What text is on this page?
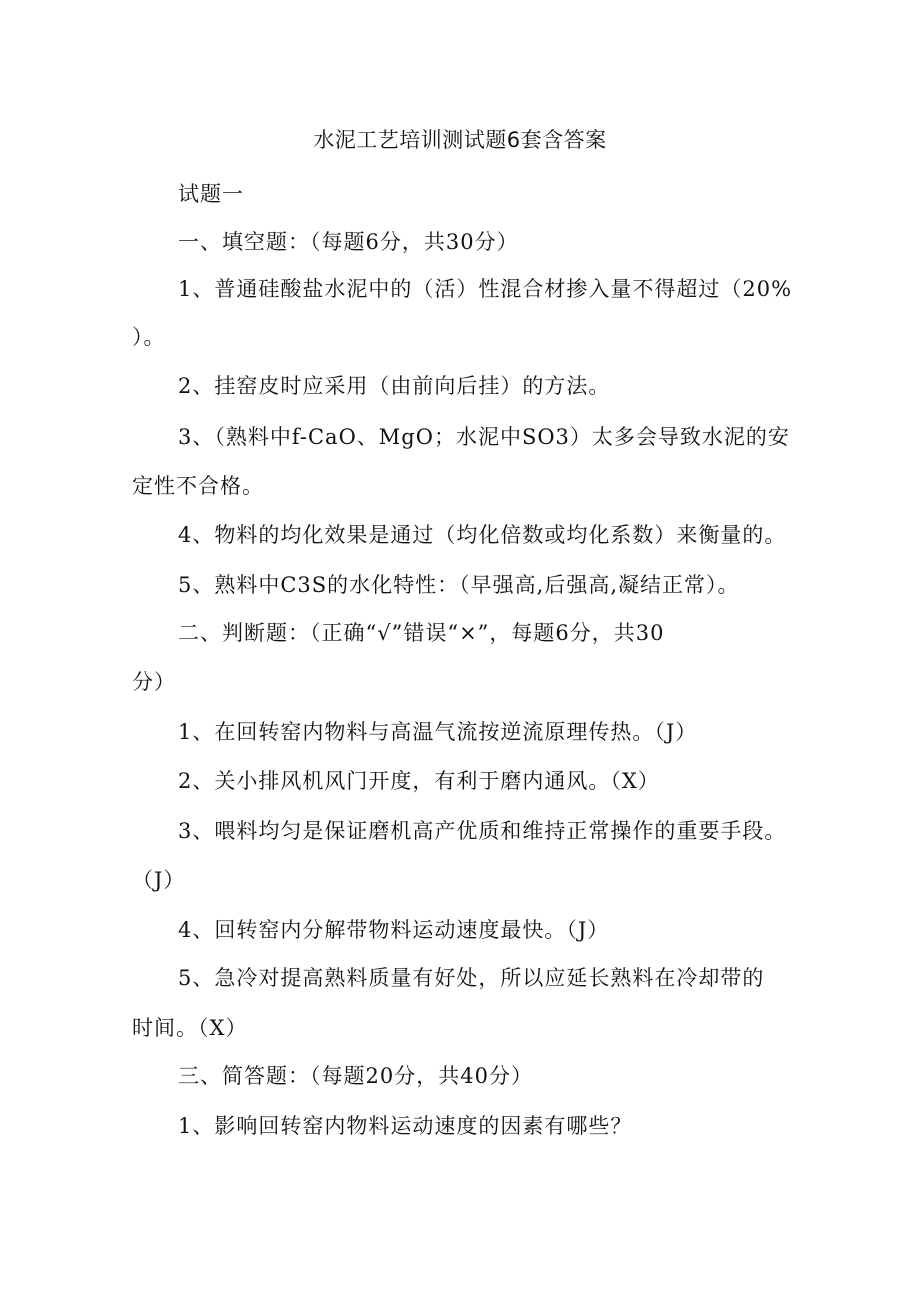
水泥工艺培训测试题6套含答案
试题一
一、填空题：（每题6分，共30分）
1、普通硅酸盐水泥中的（活）性混合材掺入量不得超过（20%
）。
2、挂窑皮时应采用（由前向后挂）的方法。
3、（熟料中f-CaO、MgO；水泥中SO3）太多会导致水泥的安
定性不合格。
4、物料的均化效果是通过（均化倍数或均化系数）来衡量的。
5、熟料中C3S的水化特性：（早强高,后强高,凝结正常）。
二、判断题：（正确“√”错误“×”，每题6分，共30
分）
1、在回转窑内物料与高温气流按逆流原理传热。（J）
2、关小排风机风门开度，有利于磨内通风。（X）
3、喂料均匀是保证磨机高产优质和维持正常操作的重要手段。
（J）
4、回转窑内分解带物料运动速度最快。（J）
5、急冷对提高熟料质量有好处，所以应延长熟料在冷却带的
时间。（X）
三、简答题：（每题20分，共40分）
1、影响回转窑内物料运动速度的因素有哪些？
